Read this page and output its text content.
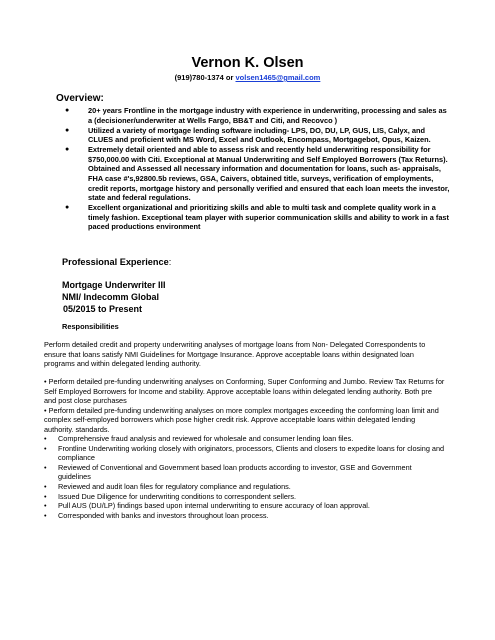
Vernon K. Olsen
(919)780-1374 or volsen1465@gmail.com
Overview:
●	20+ years Frontline in the mortgage industry with experience in underwriting, processing and sales as a (decisioner/underwriter at Wells Fargo, BB&T and Citi, and Recovco )
●	Utilized a variety of mortgage lending software including- LPS, DO, DU, LP, GUS, LIS, Calyx, and CLUES and proficient with MS Word, Excel and Outlook, Encompass, Mortgagebot, Opus, Kaizen.
●	Extremely detail oriented and able to assess risk and recently held underwriting responsibility for $750,000.00 with Citi. Exceptional at Manual Underwriting and Self Employed Borrowers (Tax Returns). Obtained and Assessed all necessary information and documentation for loans, such as- appraisals, FHA case #'s,92800.5b reviews, GSA, Caivers, obtained title, surveys, verification of employments, credit reports, mortgage history and personally verified and ensured that each loan meets the investor, state and federal regulations.
●	Excellent organizational and prioritizing skills and able to multi task and complete quality work in a timely fashion. Exceptional team player with superior communication skills and ability to work in a fast paced productions environment
Professional Experience:
Mortgage Underwriter III
NMI/ Indecomm Global
05/2015 to Present
Responsibilities
Perform detailed credit and property underwriting analyses of mortgage loans from Non- Delegated Correspondents to ensure that loans satisfy NMI Guidelines for Mortgage Insurance. Approve acceptable loans within designated loan programs and within delegated lending authority.
• Perform detailed pre-funding underwriting analyses on Conforming, Super Conforming and Jumbo. Review Tax Returns for Self Employed Borrowers for Income and stability. Approve acceptable loans within delegated lending authority. Both pre and post close purchases
• Perform detailed pre-funding underwriting analyses on more complex mortgages exceeding the conforming loan limit and complex self-employed borrowers which pose higher credit risk. Approve acceptable loans within delegated lending authority. standards.
• Comprehensive fraud analysis and reviewed for wholesale and consumer lending loan files.
• Frontline Underwriting working closely with originators, processors, Clients and closers to expedite loans for closing and compliance
• Reviewed of Conventional and Government based loan products according to investor, GSE and Government guidelines
• Reviewed and audit loan files for regulatory compliance and regulations.
• Issued Due Diligence for underwriting conditions to correspondent sellers.
• Pull AUS (DU/LP) findings based upon internal underwriting to ensure accuracy of loan approval.
• Corresponded with banks and investors throughout loan process.
